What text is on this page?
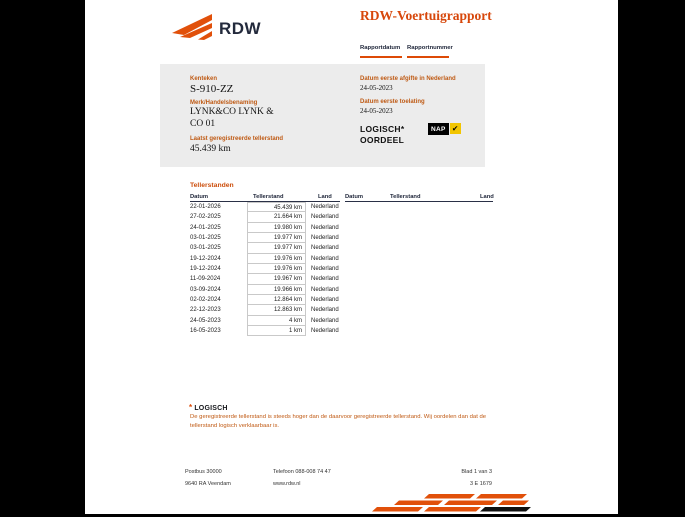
RDW
RDW-Voertuigrapport
Rapportdatum	Rapportnummer
Kenteken
S-910-ZZ
Merk/Handelsbenaming
LYNK&CO LYNK &
CO 01
Laatst geregistreerde tellerstand
45.439 km
Datum eerste afgifte in Nederland
24-05-2023
Datum eerste toelating
24-05-2023
LOGISCH*
OORDEEL
NAP ✔
Tellerstanden
Datum	Tellerstand	Land
22-01-2026	45.439 km	Nederland
27-02-2025	21.664 km	Nederland
24-01-2025	19.980 km	Nederland
03-01-2025	19.977 km	Nederland
03-01-2025	19.977 km	Nederland
19-12-2024	19.976 km	Nederland
19-12-2024	19.976 km	Nederland
11-09-2024	19.967 km	Nederland
03-09-2024	19.966 km	Nederland
02-02-2024	12.864 km	Nederland
22-12-2023	12.863 km	Nederland
24-05-2023	4 km	Nederland
16-05-2023	1 km	Nederland
Datum	Tellerstand	Land
* LOGISCH
De geregistreerde tellerstand is steeds hoger dan de daarvoor geregistreerde tellerstand. Wij oordelen dan dat de tellerstand logisch verklaarbaar is.
Postbus 30000
9640 RA Veendam
Telefoon 088-008 74 47
www.rdw.nl
Blad 1 van 3
3 E 1679
